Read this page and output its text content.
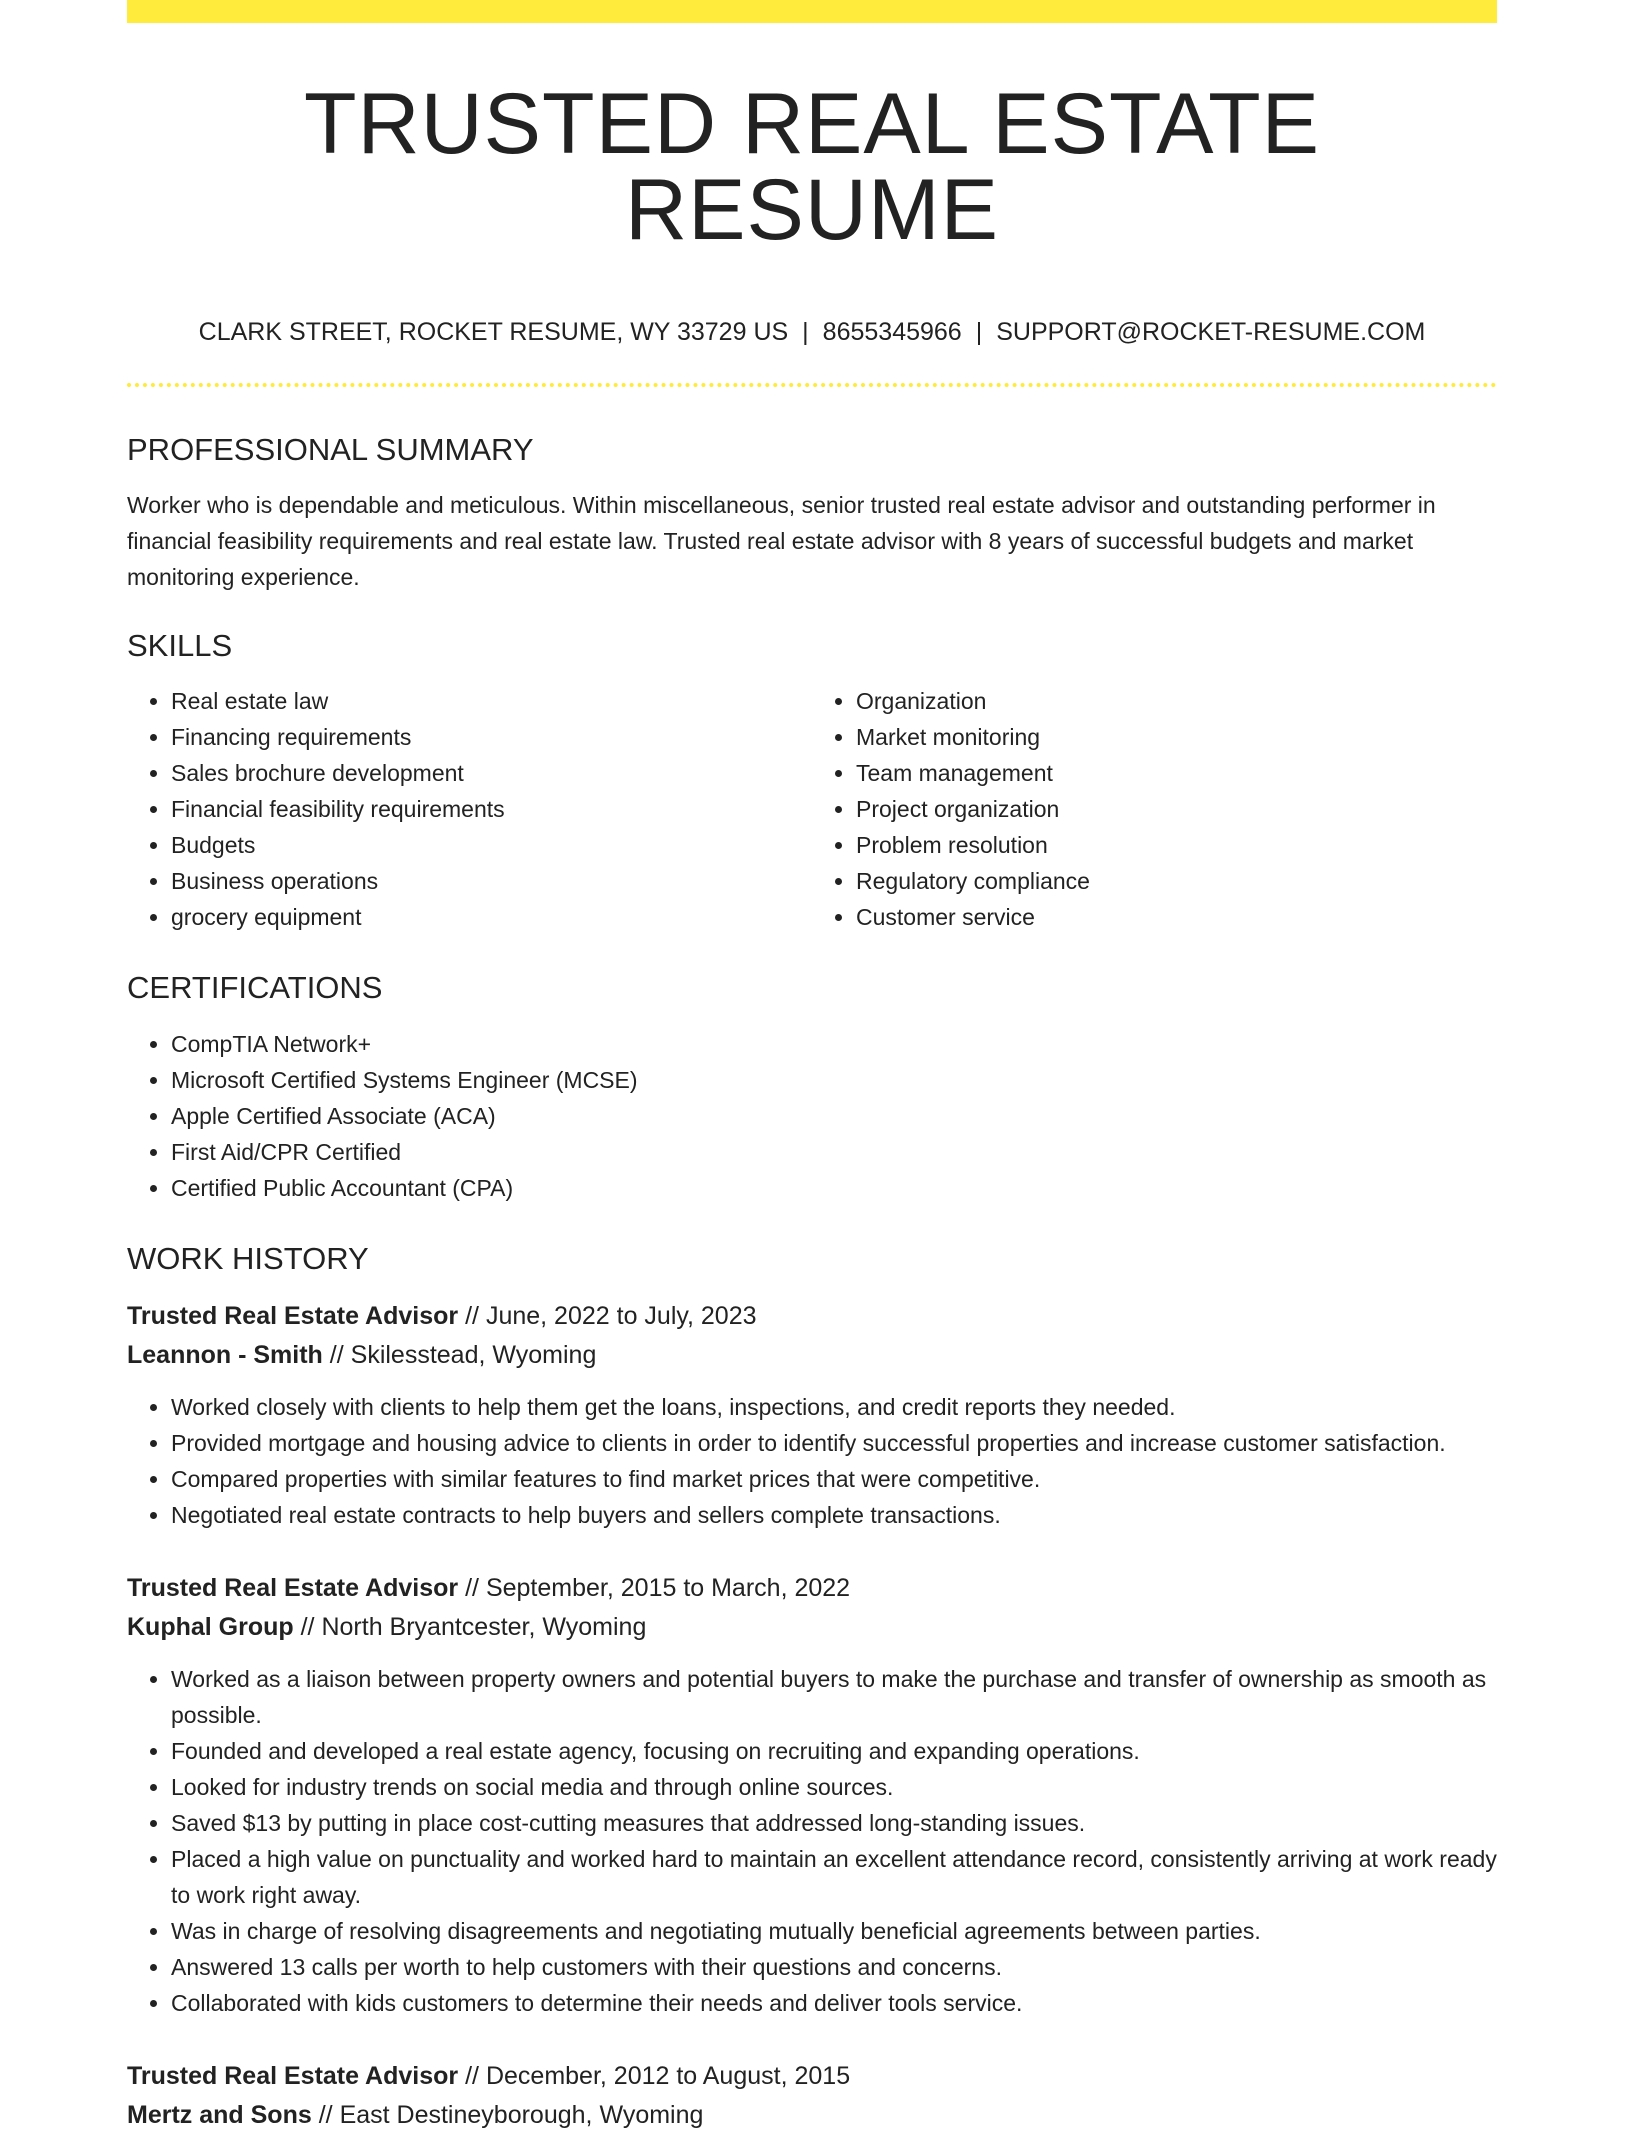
TRUSTED REAL ESTATE RESUME
CLARK STREET, ROCKET RESUME, WY 33729 US | 8655345966 | SUPPORT@ROCKET-RESUME.COM
PROFESSIONAL SUMMARY

Worker who is dependable and meticulous. Within miscellaneous, senior trusted real estate advisor and outstanding performer in financial feasibility requirements and real estate law. Trusted real estate advisor with 8 years of successful budgets and market monitoring experience.

SKILLS
• Real estate law
• Financing requirements
• Sales brochure development
• Financial feasibility requirements
• Budgets
• Business operations
• grocery equipment
• Organization
• Market monitoring
• Team management
• Project organization
• Problem resolution
• Regulatory compliance
• Customer service
CERTIFICATIONS
• CompTIA Network+
• Microsoft Certified Systems Engineer (MCSE)
• Apple Certified Associate (ACA)
• First Aid/CPR Certified
• Certified Public Accountant (CPA)
WORK HISTORY
Trusted Real Estate Advisor // June, 2022 to July, 2023
Leannon - Smith // Skilesstead, Wyoming
• Worked closely with clients to help them get the loans, inspections, and credit reports they needed.
• Provided mortgage and housing advice to clients in order to identify successful properties and increase customer satisfaction.
• Compared properties with similar features to find market prices that were competitive.
• Negotiated real estate contracts to help buyers and sellers complete transactions.
Trusted Real Estate Advisor // September, 2015 to March, 2022
Kuphal Group // North Bryantcester, Wyoming
• Worked as a liaison between property owners and potential buyers to make the purchase and transfer of ownership as smooth as possible.
• Founded and developed a real estate agency, focusing on recruiting and expanding operations.
• Looked for industry trends on social media and through online sources.
• Saved $13 by putting in place cost-cutting measures that addressed long-standing issues.
• Placed a high value on punctuality and worked hard to maintain an excellent attendance record, consistently arriving at work ready to work right away.
• Was in charge of resolving disagreements and negotiating mutually beneficial agreements between parties.
• Answered 13 calls per worth to help customers with their questions and concerns.
• Collaborated with kids customers to determine their needs and deliver tools service.
Trusted Real Estate Advisor // December, 2012 to August, 2015
Mertz and Sons // East Destineyborough, Wyoming
